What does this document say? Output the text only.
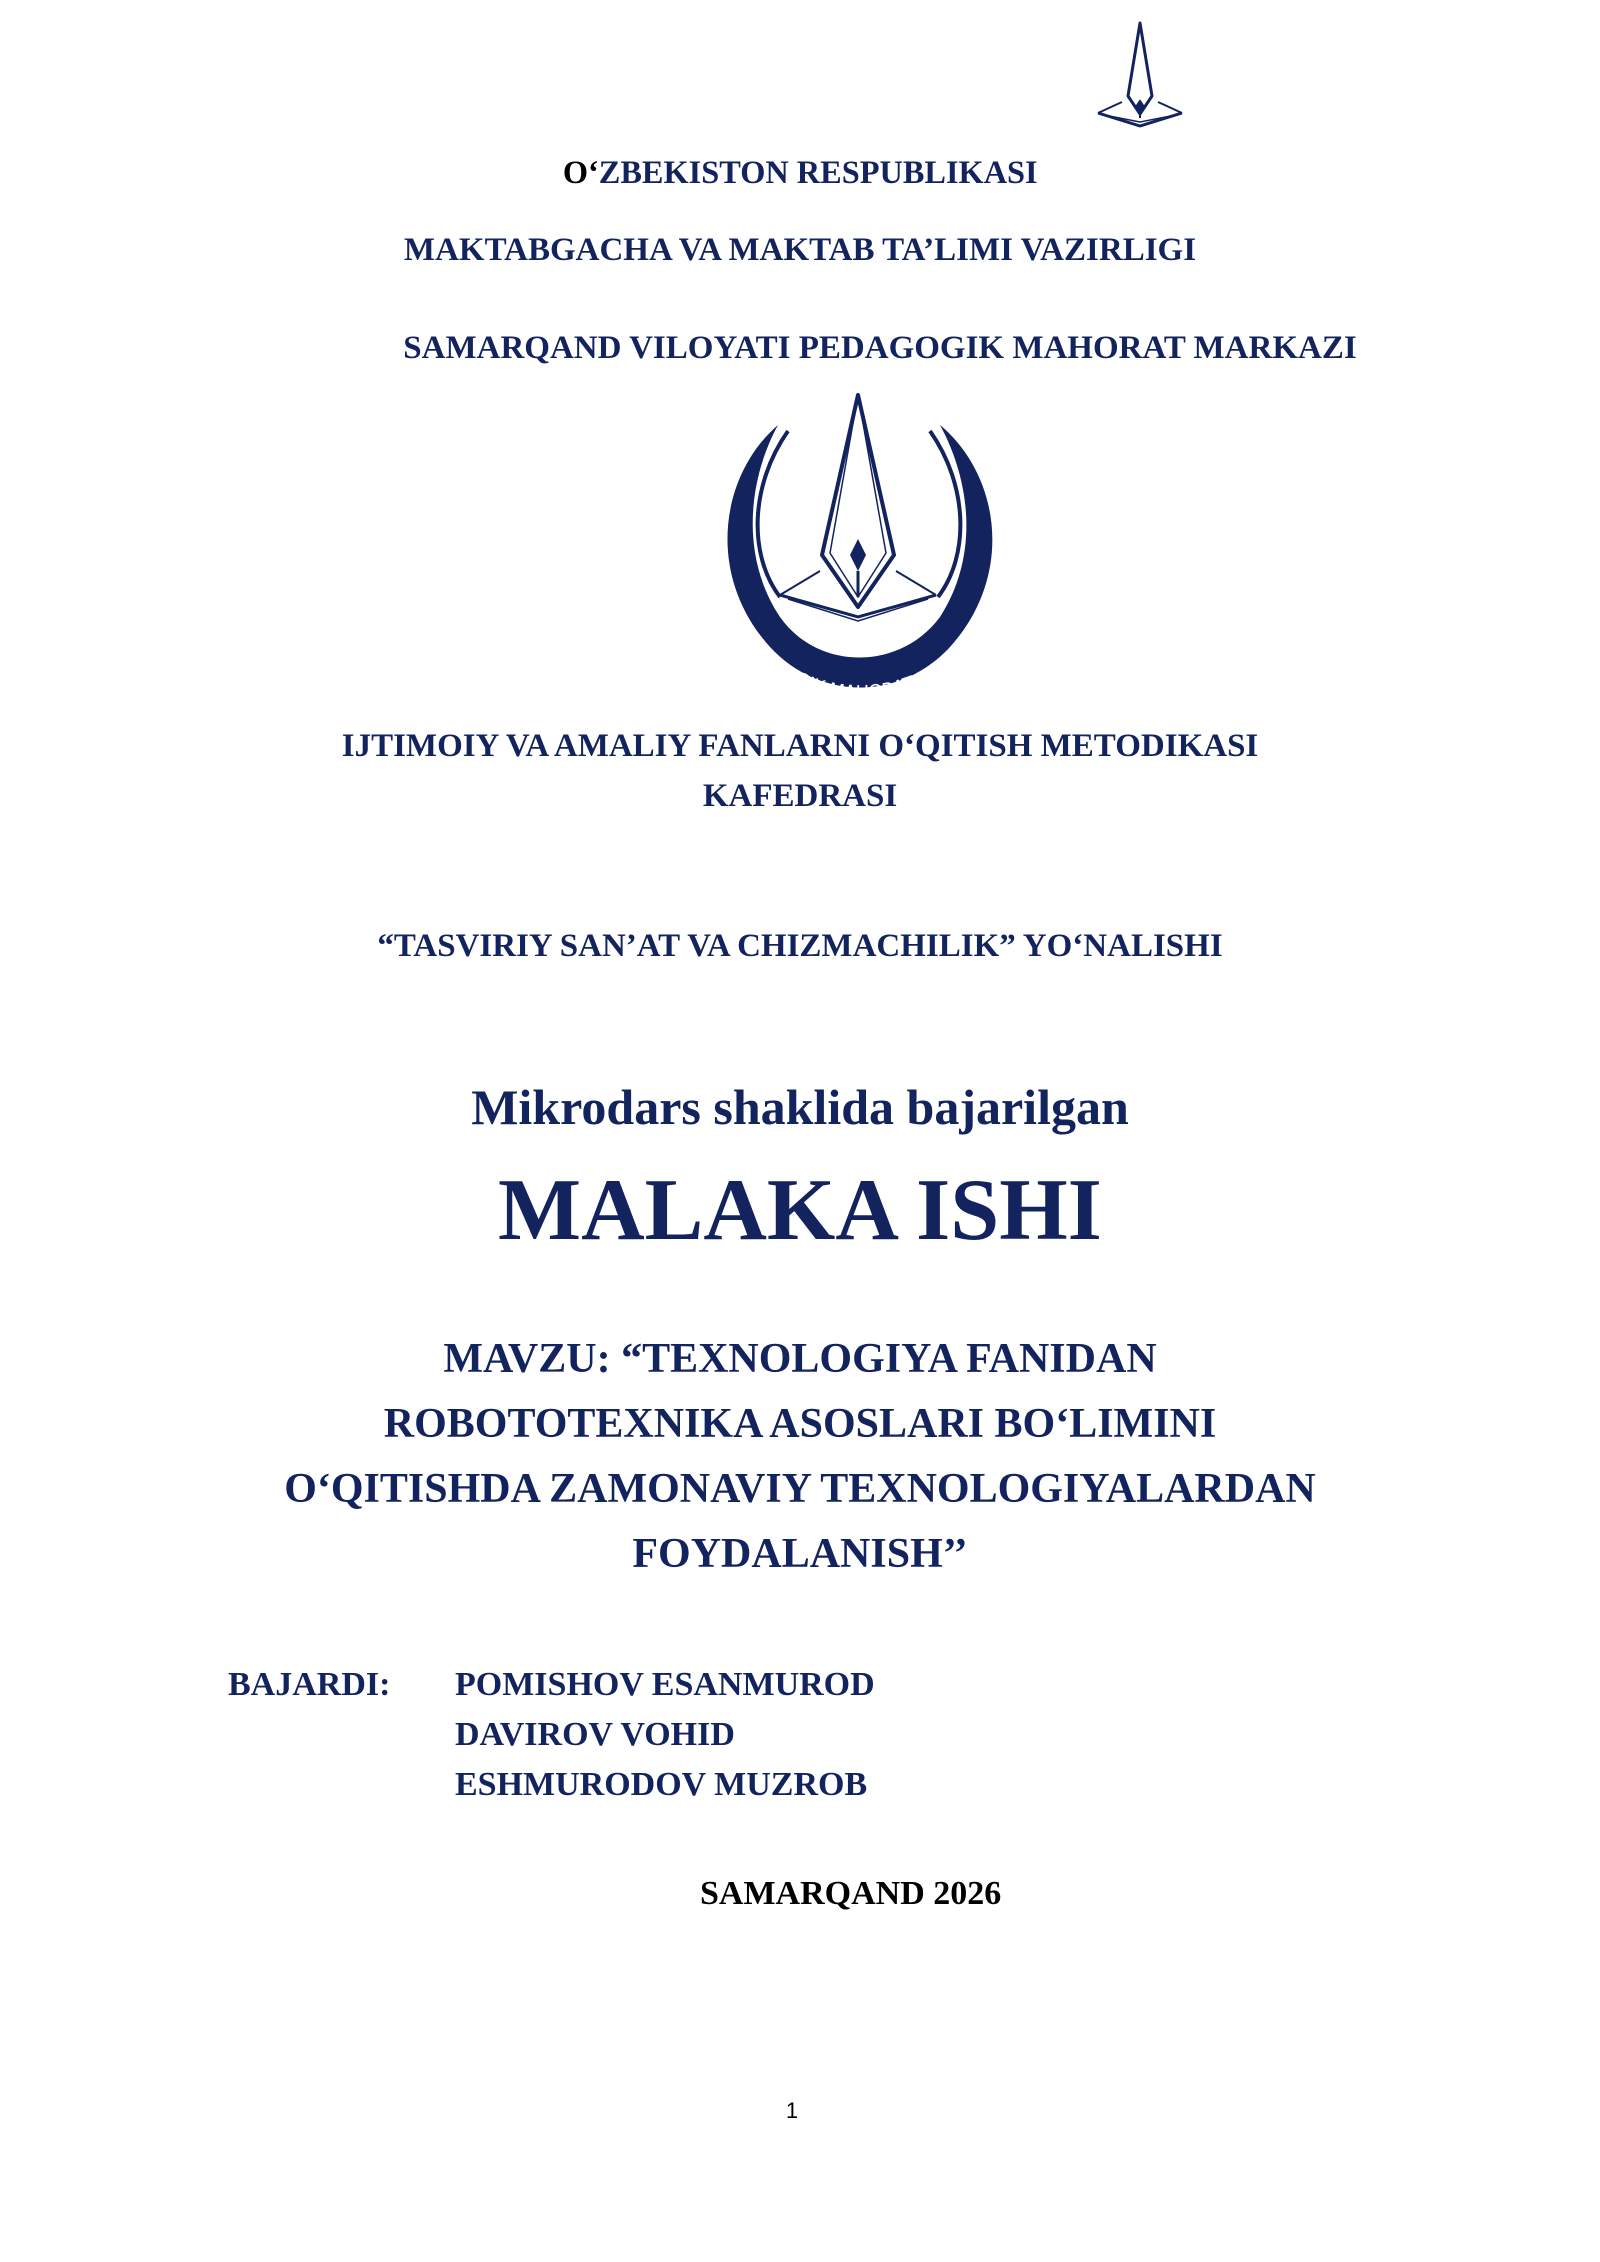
O‘ZBEKISTON RESPUBLIKASI
MAKTABGACHA VA MAKTAB TA’LIMI VAZIRLIGI
SAMARQAND VILOYATI PEDAGOGIK MAHORAT MARKAZI
SAMARQAND VILOYATI
PEDAGOGIK MAHORAT MARKAZI
IJTIMOIY VA AMALIY FANLARNI O‘QITISH METODIKASI
KAFEDRASI
“TASVIRIY SAN’AT VA CHIZMACHILIK” YO‘NALISHI
Mikrodars shaklida bajarilgan
MALAKA ISHI
MAVZU: “TEXNOLOGIYA FANIDAN
ROBOTOTEXNIKA ASOSLARI BO‘LIMINI
O‘QITISHDA ZAMONAVIY TEXNOLOGIYALARDAN
FOYDALANISH’’
BAJARDI: POMISHOV ESANMUROD
DAVIROV VOHID
ESHMURODOV MUZROB
SAMARQAND 2026
1
